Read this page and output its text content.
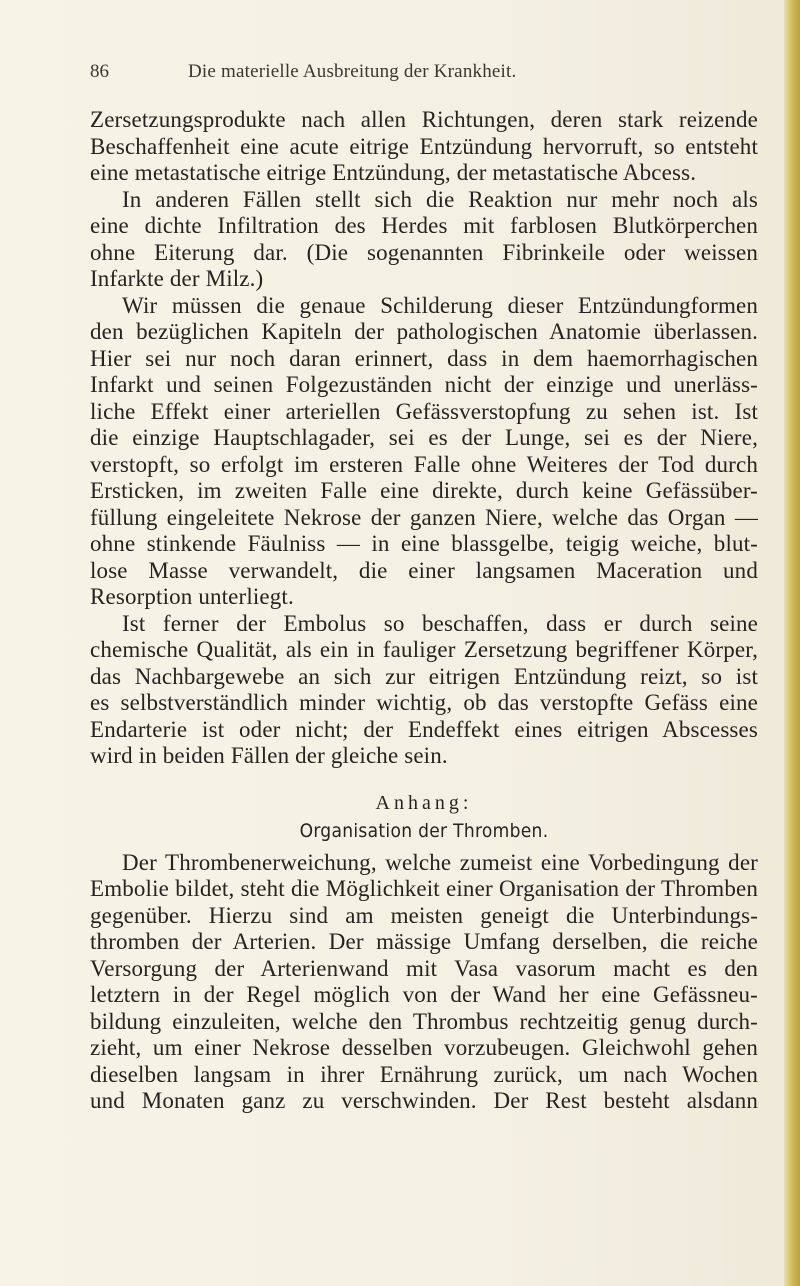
86	Die materielle Ausbreitung der Krankheit.
Zersetzungsprodukte nach allen Richtungen, deren stark reizende
Beschaffenheit eine acute eitrige Entzündung hervorruft, so entsteht
eine metastatische eitrige Entzündung, der metastatische Abcess.
In anderen Fällen stellt sich die Reaktion nur mehr noch als
eine dichte Infiltration des Herdes mit farblosen Blutkörperchen
ohne Eiterung dar. (Die sogenannten Fibrinkeile oder weissen
Infarkte der Milz.)
Wir müssen die genaue Schilderung dieser Entzündungformen
den bezüglichen Kapiteln der pathologischen Anatomie überlassen.
Hier sei nur noch daran erinnert, dass in dem haemorrhagischen
Infarkt und seinen Folgezuständen nicht der einzige und unerläss-
liche Effekt einer arteriellen Gefässverstopfung zu sehen ist. Ist
die einzige Hauptschlagader, sei es der Lunge, sei es der Niere,
verstopft, so erfolgt im ersteren Falle ohne Weiteres der Tod durch
Ersticken, im zweiten Falle eine direkte, durch keine Gefässüber-
füllung eingeleitete Nekrose der ganzen Niere, welche das Organ —
ohne stinkende Fäulniss — in eine blassgelbe, teigig weiche, blut-
lose Masse verwandelt, die einer langsamen Maceration und
Resorption unterliegt.
Ist ferner der Embolus so beschaffen, dass er durch seine
chemische Qualität, als ein in fauliger Zersetzung begriffener Körper,
das Nachbargewebe an sich zur eitrigen Entzündung reizt, so ist
es selbstverständlich minder wichtig, ob das verstopfte Gefäss eine
Endarterie ist oder nicht; der Endeffekt eines eitrigen Abscesses
wird in beiden Fällen der gleiche sein.
Anhang:
Organisation der Thromben.
Der Thrombenerweichung, welche zumeist eine Vorbedingung der
Embolie bildet, steht die Möglichkeit einer Organisation der Thromben
gegenüber. Hierzu sind am meisten geneigt die Unterbindungs-
thromben der Arterien. Der mässige Umfang derselben, die reiche
Versorgung der Arterienwand mit Vasa vasorum macht es den
letztern in der Regel möglich von der Wand her eine Gefässneu-
bildung einzuleiten, welche den Thrombus rechtzeitig genug durch-
zieht, um einer Nekrose desselben vorzubeugen. Gleichwohl gehen
dieselben langsam in ihrer Ernährung zurück, um nach Wochen
und Monaten ganz zu verschwinden. Der Rest besteht alsdann
